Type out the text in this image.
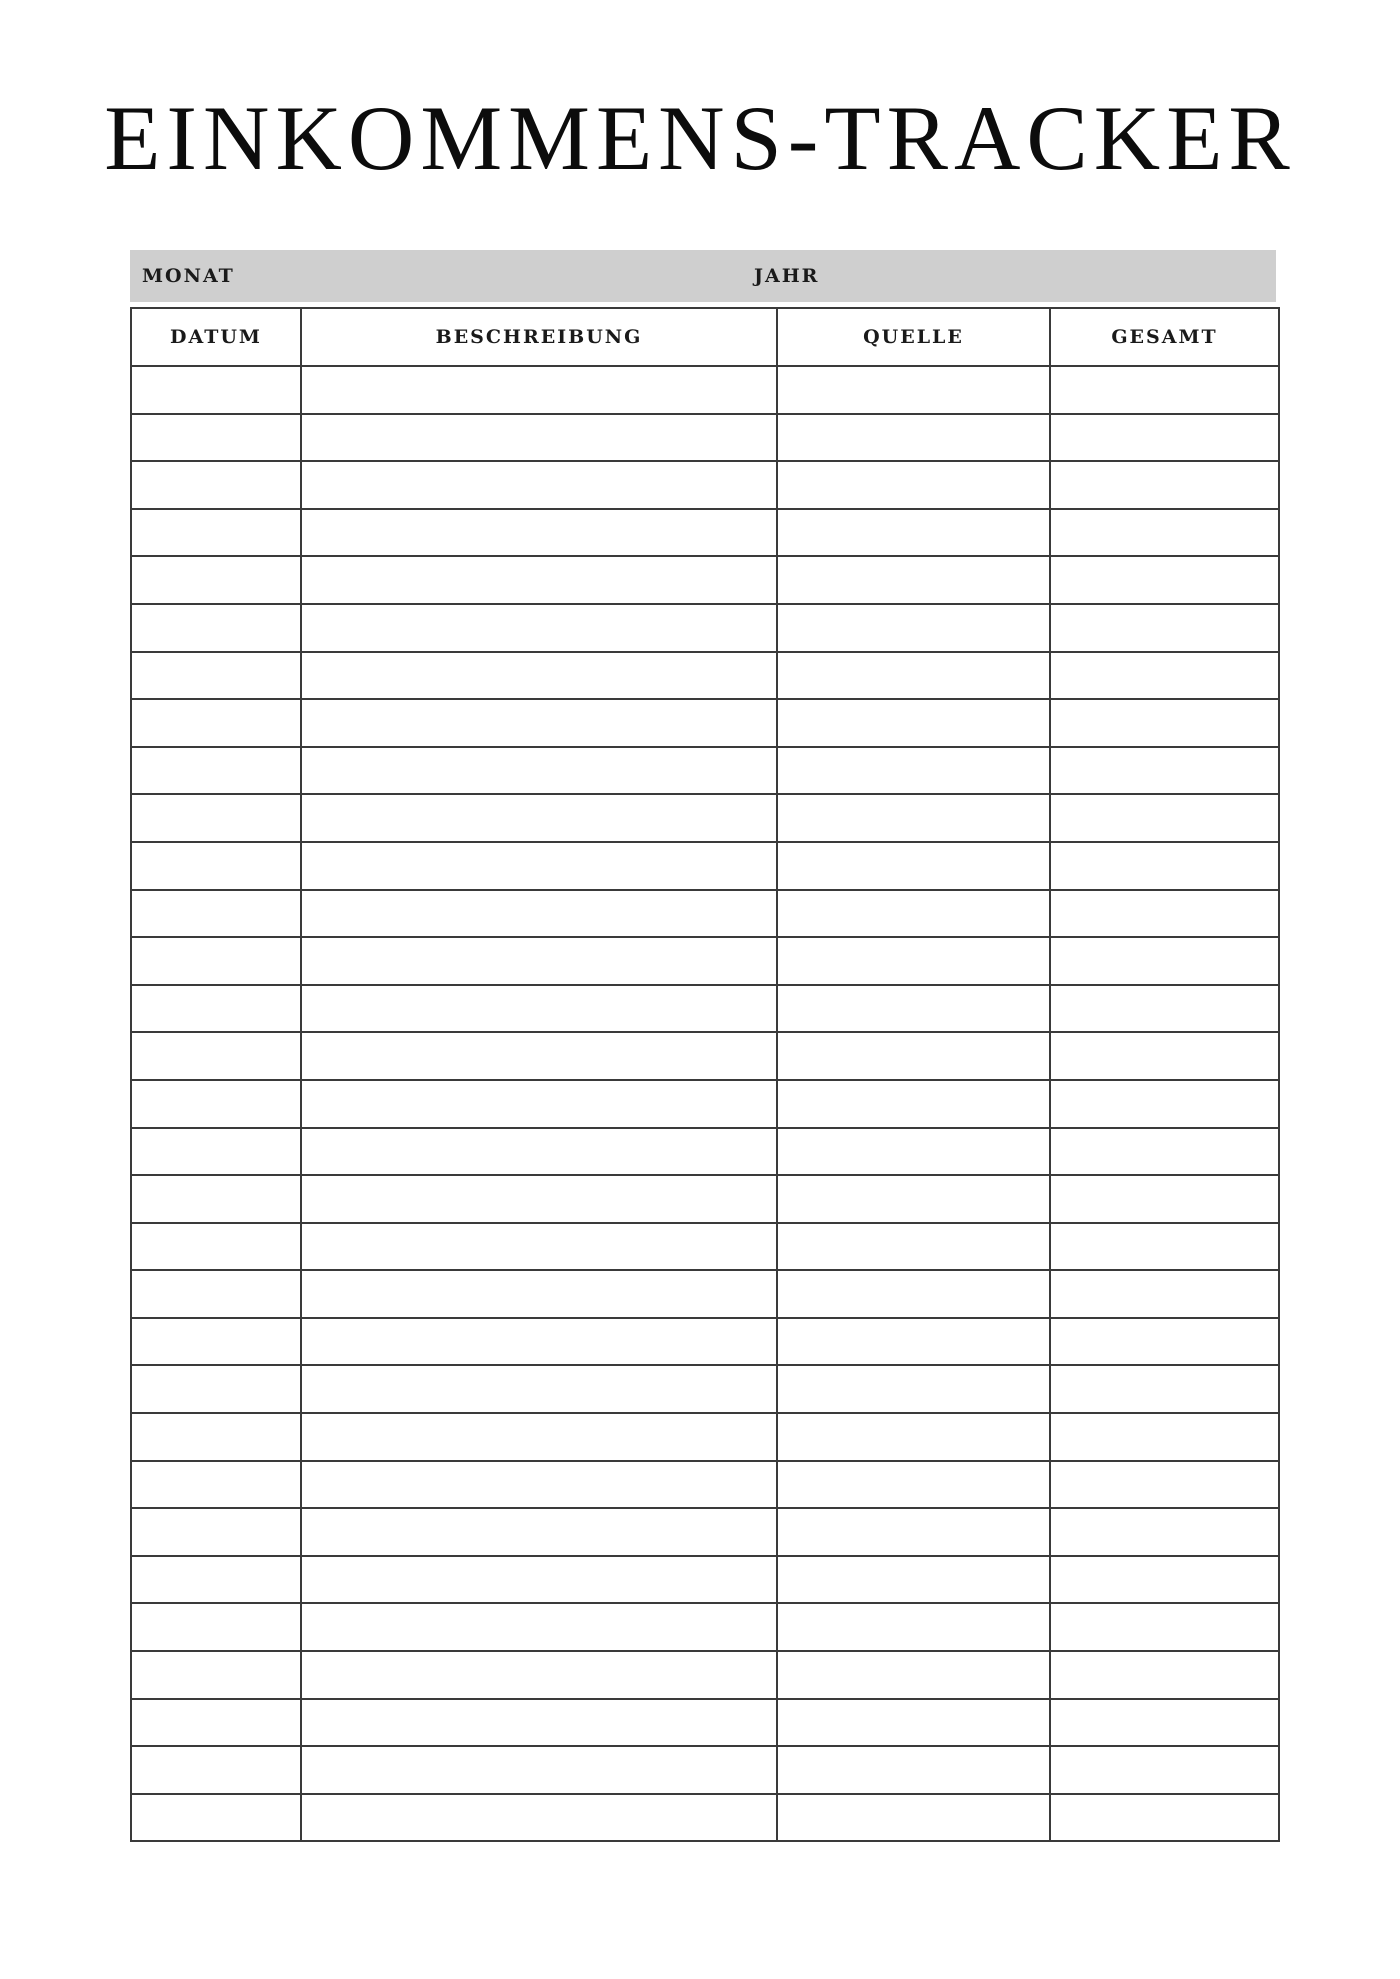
EINKOMMENS-TRACKER
MONAT	JAHR
DATUM	BESCHREIBUNG	QUELLE	GESAMT
